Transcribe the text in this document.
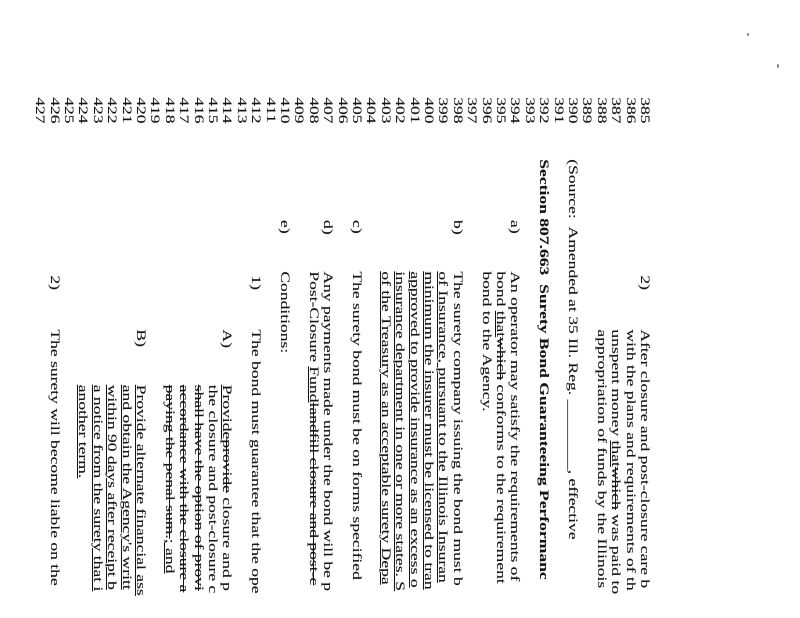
385
2)
After closure and post-closure care b
386
with the plans and requirements of th
387
unspent money thatwhich was paid to
388
appropriation of funds by the Illinois
389
390
(Source:  Amended at 35 Ill. Reg. ________, effective
391
392
Section 807.663  Surety Bond Guaranteeing Performanc
393
394
a)
An operator may satisfy the requirements of
395
bond thatwhich conforms to the requirement
396
bond to the Agency.
397
398
b)
The surety company issuing the bond must b
399
of Insurance, pursuant to the Illinois Insuran
400
minimum the insurer must be licensed to tran
401
approved to provide insurance as an excess o
402
insurance department in one or more states. S
403
of the Treasury as an acceptable surety Depa
404
405
c)
The surety bond must be on forms specified
406
407
d)
Any payments made under the bond will be p
408
Post-Closure Fundlandfill closure and post-c
409
410
e)
Conditions:
411
412
1)
The bond must guarantee that the ope
413
414
A)
Provideprovide closure and p
415
the closure and post-closure c
416
shall have the option of provi
417
accordance with the closure a
418
paying the penal sum.; and
419
420
B)
Provide alternate financial ass
421
and obtain the Agency's writt
422
within 90 days after receipt b
423
a notice from the surety that i
424
another term.
425
426
2)
The surety will become liable on the
427
